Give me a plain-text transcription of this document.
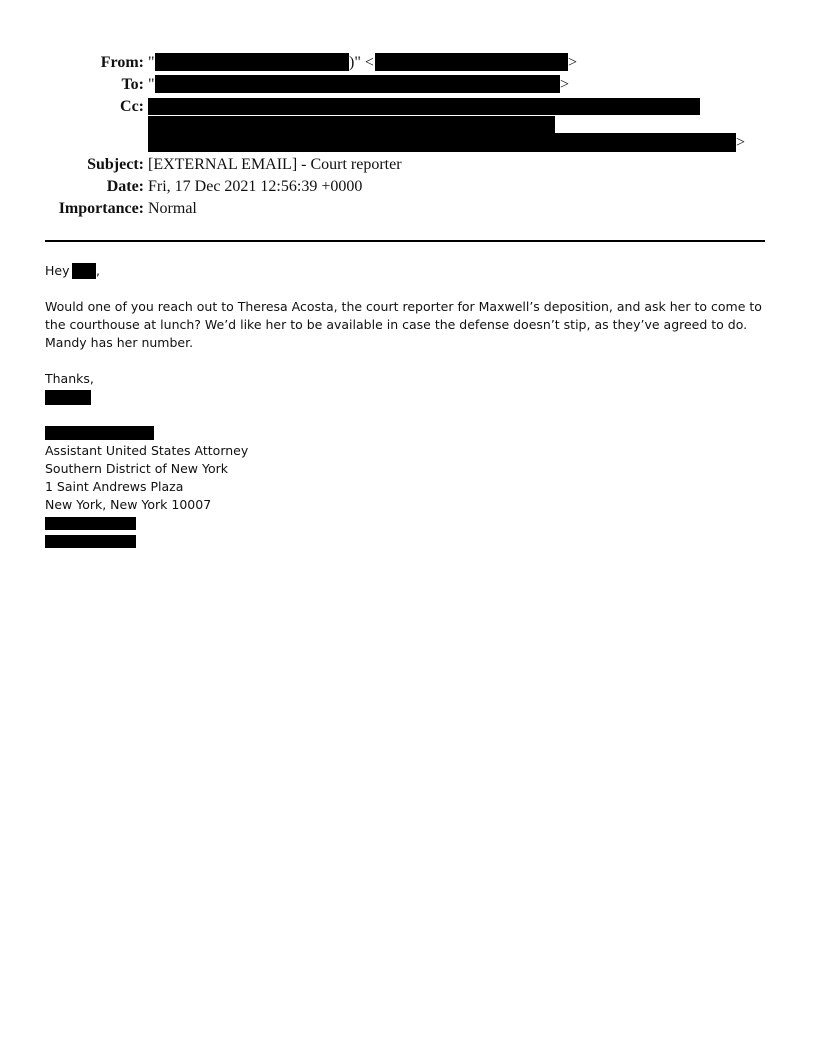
From: "	)" <	>
To: "	>
Cc:
>
Subject: [EXTERNAL EMAIL] - Court reporter
Date: Fri, 17 Dec 2021 12:56:39 +0000
Importance: Normal
Hey ,

Would one of you reach out to Theresa Acosta, the court reporter for Maxwell’s deposition, and ask her to come to the courthouse at lunch? We’d like her to be available in case the defense doesn’t stip, as they’ve agreed to do. Mandy has her number.

Thanks,
Assistant United States Attorney
Southern District of New York
1 Saint Andrews Plaza
New York, New York 10007
